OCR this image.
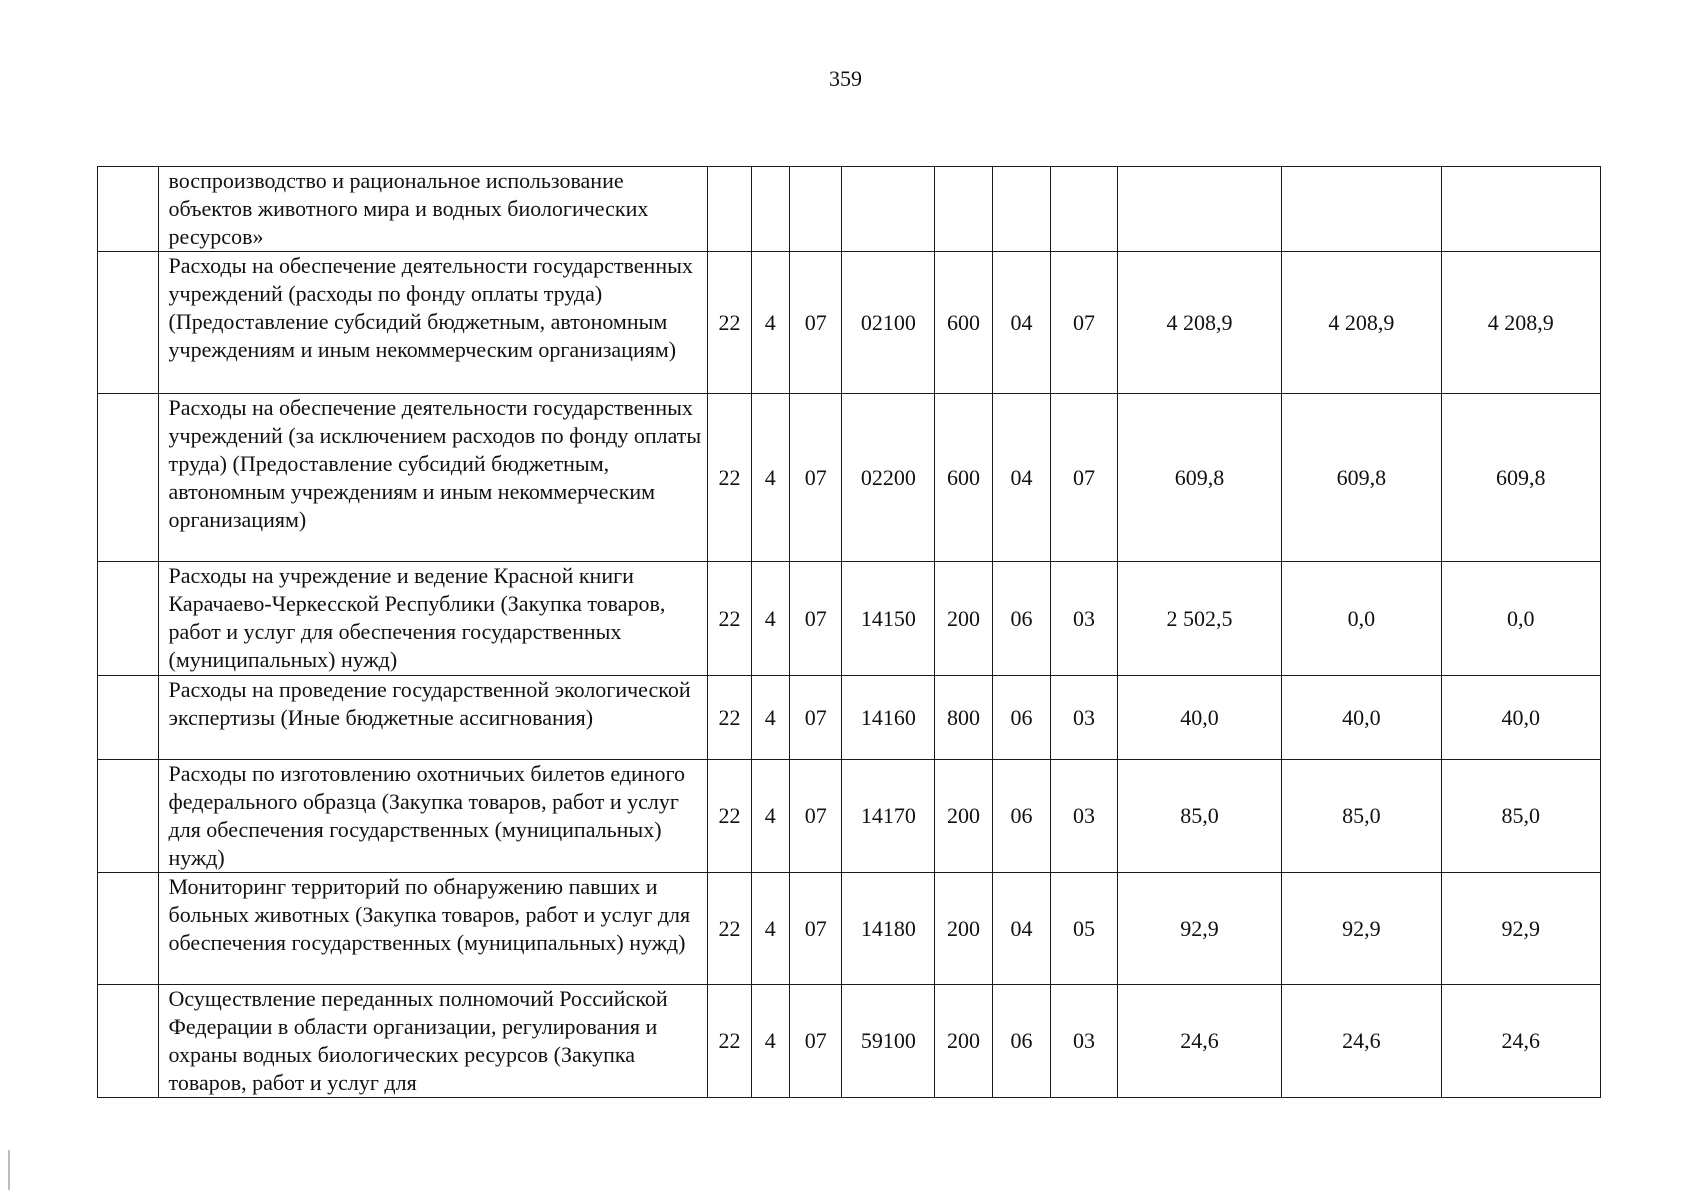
359
	воспроизводство и рациональное использование объектов животного мира и водных биологических ресурсов»										
	Расходы на обеспечение деятельности государственных учреждений (расходы по фонду оплаты труда) (Предоставление субсидий бюджетным, автономным учреждениям и иным некоммерческим организациям)	22	4	07	02100	600	04	07	4 208,9	4 208,9	4 208,9
	Расходы на обеспечение деятельности государственных учреждений (за исключением расходов по фонду оплаты труда) (Предоставление субсидий бюджетным, автономным учреждениям и иным некоммерческим организациям)	22	4	07	02200	600	04	07	609,8	609,8	609,8
	Расходы на учреждение и ведение Красной книги Карачаево-Черкесской Республики (Закупка товаров, работ и услуг для обеспечения государственных (муниципальных) нужд)	22	4	07	14150	200	06	03	2 502,5	0,0	0,0
	Расходы на проведение государственной экологической экспертизы (Иные бюджетные ассигнования)	22	4	07	14160	800	06	03	40,0	40,0	40,0
	Расходы по изготовлению охотничьих билетов единого федерального образца (Закупка товаров, работ и услуг для обеспечения государственных (муниципальных) нужд)	22	4	07	14170	200	06	03	85,0	85,0	85,0
	Мониторинг территорий по обнаружению павших и больных животных (Закупка товаров, работ и услуг для обеспечения государственных (муниципальных) нужд)	22	4	07	14180	200	04	05	92,9	92,9	92,9
	Осуществление переданных полномочий Российской Федерации в области организации, регулирования и охраны водных биологических ресурсов (Закупка товаров, работ и услуг для	22	4	07	59100	200	06	03	24,6	24,6	24,6
